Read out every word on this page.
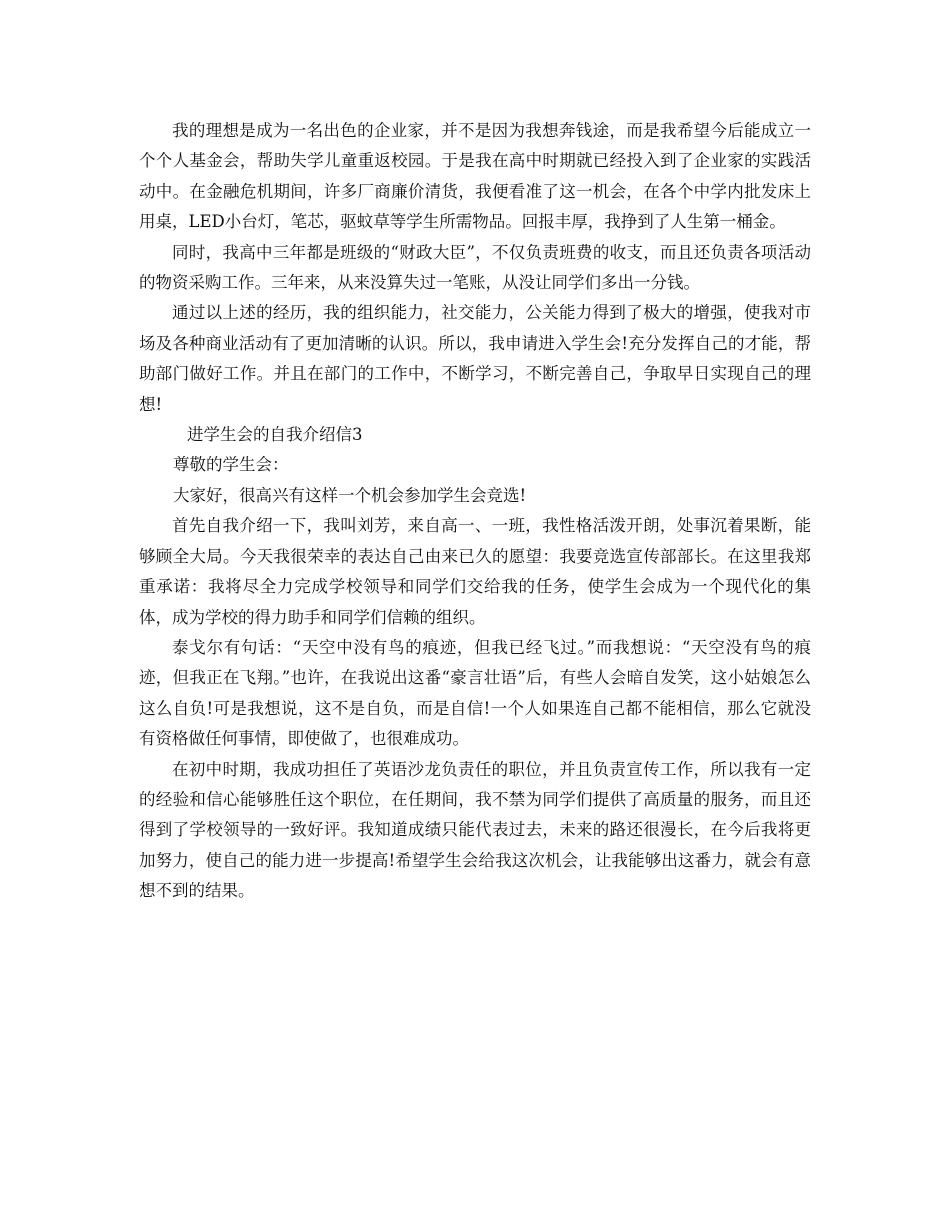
我的理想是成为一名出色的企业家，并不是因为我想奔钱途，而是我希望今后能成立一个个人基金会，帮助失学儿童重返校园。于是我在高中时期就已经投入到了企业家的实践活动中。在金融危机期间，许多厂商廉价清货，我便看准了这一机会，在各个中学内批发床上用桌，LED小台灯，笔芯，驱蚊草等学生所需物品。回报丰厚，我挣到了人生第一桶金。

同时，我高中三年都是班级的“财政大臣”，不仅负责班费的收支，而且还负责各项活动的物资采购工作。三年来，从来没算失过一笔账，从没让同学们多出一分钱。

通过以上述的经历，我的组织能力，社交能力，公关能力得到了极大的增强，使我对市场及各种商业活动有了更加清晰的认识。所以，我申请进入学生会!充分发挥自己的才能，帮助部门做好工作。并且在部门的工作中，不断学习，不断完善自己，争取早日实现自己的理想!

进学生会的自我介绍信3

尊敬的学生会：

大家好，很高兴有这样一个机会参加学生会竞选!

首先自我介绍一下，我叫刘芳，来自高一、一班，我性格活泼开朗，处事沉着果断，能够顾全大局。今天我很荣幸的表达自己由来已久的愿望：我要竞选宣传部部长。在这里我郑重承诺：我将尽全力完成学校领导和同学们交给我的任务，使学生会成为一个现代化的集体，成为学校的得力助手和同学们信赖的组织。

泰戈尔有句话：“天空中没有鸟的痕迹，但我已经飞过。”而我想说：“天空没有鸟的痕迹，但我正在飞翔。”也许，在我说出这番“豪言壮语”后，有些人会暗自发笑，这小姑娘怎么这么自负!可是我想说，这不是自负，而是自信!一个人如果连自己都不能相信，那么它就没有资格做任何事情，即使做了，也很难成功。

在初中时期，我成功担任了英语沙龙负责任的职位，并且负责宣传工作，所以我有一定的经验和信心能够胜任这个职位，在任期间，我不禁为同学们提供了高质量的服务，而且还得到了学校领导的一致好评。我知道成绩只能代表过去，未来的路还很漫长，在今后我将更加努力，使自己的能力进一步提高!希望学生会给我这次机会，让我能够出这番力，就会有意想不到的结果。
